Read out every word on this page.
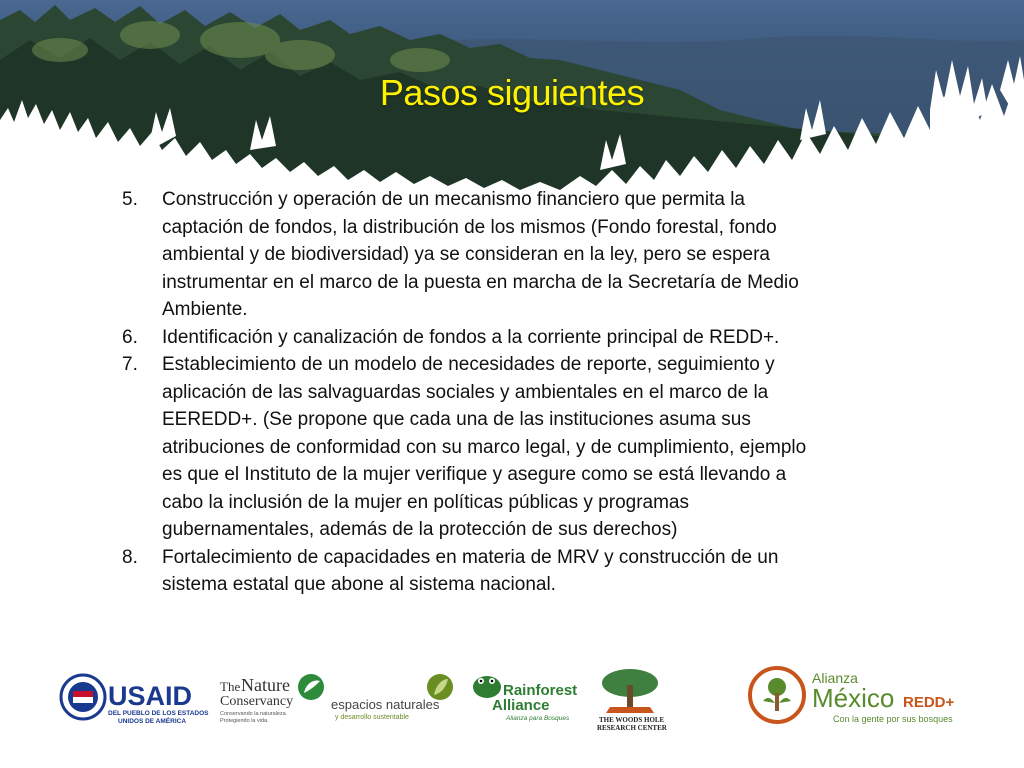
Pasos siguientes
5.	Construcción y operación de un mecanismo financiero que permita la captación de fondos, la distribución de los mismos (Fondo forestal, fondo ambiental y de biodiversidad) ya se consideran en la ley, pero se espera instrumentar en el marco de la puesta en marcha de la Secretaría de Medio Ambiente.
6.	Identificación y canalización de fondos a la corriente principal de REDD+.
7.	Establecimiento de un modelo de necesidades de reporte, seguimiento y aplicación de las salvaguardas sociales y ambientales en el marco de la EEREDD+. (Se propone que cada una de las instituciones asuma sus atribuciones de conformidad con su marco legal, y de cumplimiento, ejemplo es que el Instituto de la mujer verifique y asegure como se está llevando a cabo la inclusión de la mujer en políticas públicas y programas gubernamentales, además de la protección de sus derechos)
8.	Fortalecimiento de capacidades en materia de MRV y construcción de un sistema estatal que abone al sistema nacional.
USAID
DEL PUEBLO DE LOS ESTADOS
UNIDOS DE AMÉRICA
The Nature
Conservancy
Conservando la naturaleza.
Protegiendo la vida.
espacios naturales
y desarrollo sustentable
Rainforest
Alliance
Alianza para Bosques	THE WOODS HOLE
RESEARCH CENTER
Alianza
México REDD+
Con la gente por sus bosques
